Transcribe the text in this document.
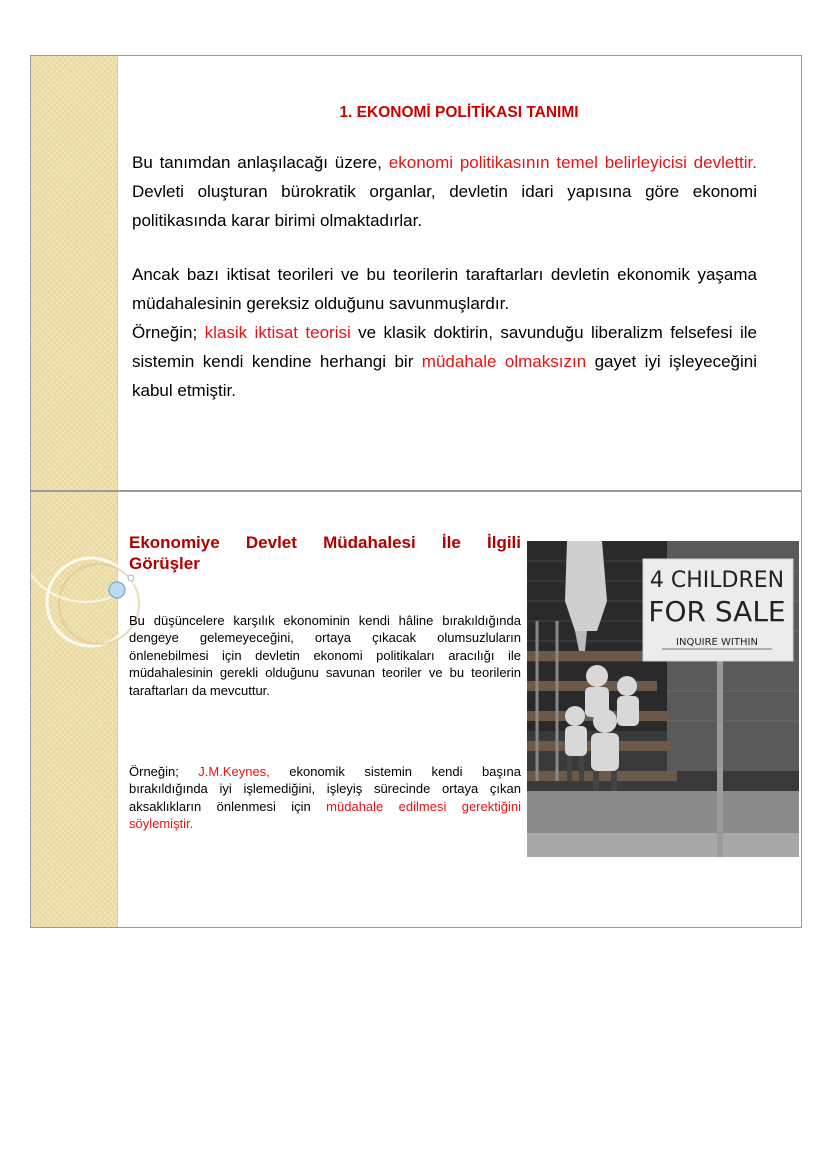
1. EKONOMİ POLİTİKASI TANIMI
Bu tanımdan anlaşılacağı üzere, ekonomi politikasının temel belirleyicisi devlettir. Devleti oluşturan bürokratik organlar, devletin idari yapısına göre ekonomi politikasında karar birimi olmaktadırlar.
Ancak bazı iktisat teorileri ve bu teorilerin taraftarları devletin ekonomik yaşama müdahalesinin gereksiz olduğunu savunmuşlardır.
Örneğin; klasik iktisat teorisi ve klasik doktirin, savunduğu liberalizm felsefesi ile sistemin kendi kendine herhangi bir müdahale olmaksızın gayet iyi işleyeceğini kabul etmiştir.
Ekonomiye Devlet Müdahalesi İle İlgili
Görüşler
Bu düşüncelere karşılık ekonominin kendi hâline bırakıldığında dengeye gelemeyeceğini, ortaya çıkacak olumsuzluların önlenebilmesi için devletin ekonomi politikaları aracılığı ile müdahalesinin gerekli olduğunu savunan teoriler ve bu teorilerin taraftarları da mevcuttur.
Örneğin; J.M.Keynes, ekonomik sistemin kendi başına bırakıldığında iyi işlemediğini, işleyiş sürecinde ortaya çıkan aksaklıkların önlenmesi için müdahale edilmesi gerektiğini söylemiştir.
4 CHILDREN
FOR SALE
INQUIRE WITHIN
